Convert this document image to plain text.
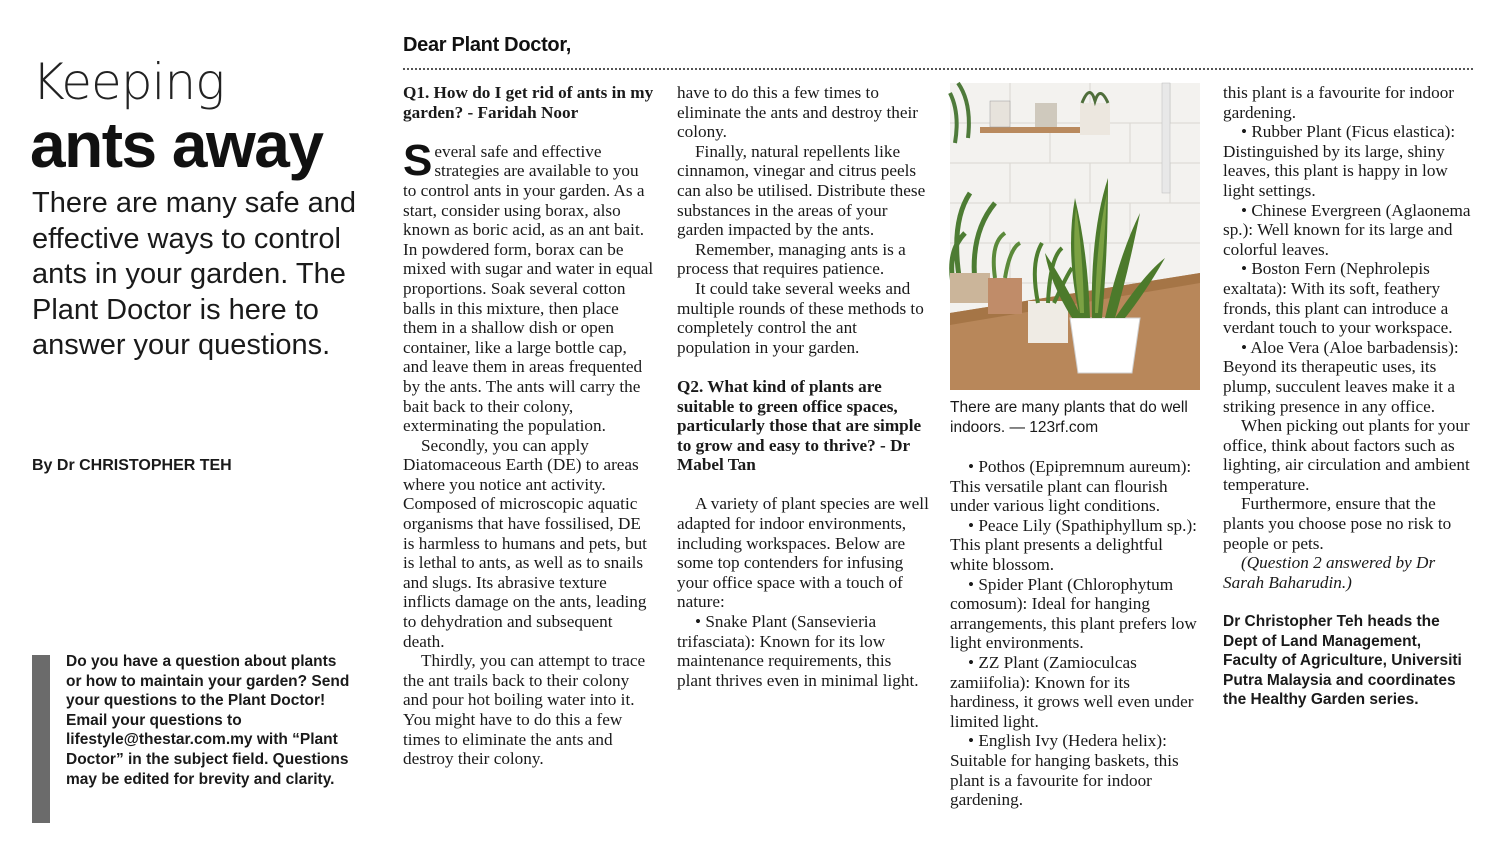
Keeping
ants away
There are many safe and effective ways to control ants in your garden. The Plant Doctor is here to answer your questions.
By Dr CHRISTOPHER TEH
Do you have a question about plants or how to maintain your garden? Send your questions to the Plant Doctor! Email your questions to lifestyle@thestar.com.my with “Plant Doctor” in the subject field. Questions may be edited for brevity and clarity.
Dear Plant Doctor,

Q1. How do I get rid of ants in my garden? - Faridah Noor

Several safe and effective strategies are available to you to control ants in your garden. As a start, consider using borax, also known as boric acid, as an ant bait. In powdered form, borax can be mixed with sugar and water in equal proportions. Soak several cotton balls in this mixture, then place them in a shallow dish or open container, like a large bottle cap, and leave them in areas frequented by the ants. The ants will carry the bait back to their colony, exterminating the population.

Secondly, you can apply Diatomaceous Earth (DE) to areas where you notice ant activity. Composed of microscopic aquatic organisms that have fossilised, DE is harmless to humans and pets, but is lethal to ants, as well as to snails and slugs. Its abrasive texture inflicts damage on the ants, leading to dehydration and subsequent death.

Thirdly, you can attempt to trace the ant trails back to their colony and pour hot boiling water into it. You might have to do this a few times to eliminate the ants and destroy their colony.

have to do this a few times to eliminate the ants and destroy their colony.

Finally, natural repellents like cinnamon, vinegar and citrus peels can also be utilised. Distribute these substances in the areas of your garden impacted by the ants.

Remember, managing ants is a process that requires patience.

It could take several weeks and multiple rounds of these methods to completely control the ant population in your garden.

Q2. What kind of plants are suitable to green office spaces, particularly those that are simple to grow and easy to thrive? - Dr Mabel Tan

A variety of plant species are well adapted for indoor environments, including workspaces. Below are some top contenders for infusing your office space with a touch of nature:

• Snake Plant (Sansevieria trifasciata): Known for its low maintenance requirements, this plant thrives even in minimal light.

There are many plants that do well indoors. — 123rf.com

• Pothos (Epipremnum aureum): This versatile plant can flourish under various light conditions.

• Peace Lily (Spathiphyllum sp.): This plant presents a delightful white blossom.

• Spider Plant (Chlorophytum comosum): Ideal for hanging arrangements, this plant prefers low light environments.

• ZZ Plant (Zamioculcas zamiifolia): Known for its hardiness, it grows well even under limited light.

• English Ivy (Hedera helix): Suitable for hanging baskets, this plant is a favourite for indoor gardening.

this plant is a favourite for indoor gardening.

• Rubber Plant (Ficus elastica): Distinguished by its large, shiny leaves, this plant is happy in low light settings.

• Chinese Evergreen (Aglaonema sp.): Well known for its large and colorful leaves.

• Boston Fern (Nephrolepis exaltata): With its soft, feathery fronds, this plant can introduce a verdant touch to your workspace.

• Aloe Vera (Aloe barbadensis): Beyond its therapeutic uses, its plump, succulent leaves make it a striking presence in any office.

When picking out plants for your office, think about factors such as lighting, air circulation and ambient temperature.

Furthermore, ensure that the plants you choose pose no risk to people or pets.

(Question 2 answered by Dr Sarah Baharudin.)

Dr Christopher Teh heads the Dept of Land Management, Faculty of Agriculture, Universiti Putra Malaysia and coordinates the Healthy Garden series.
